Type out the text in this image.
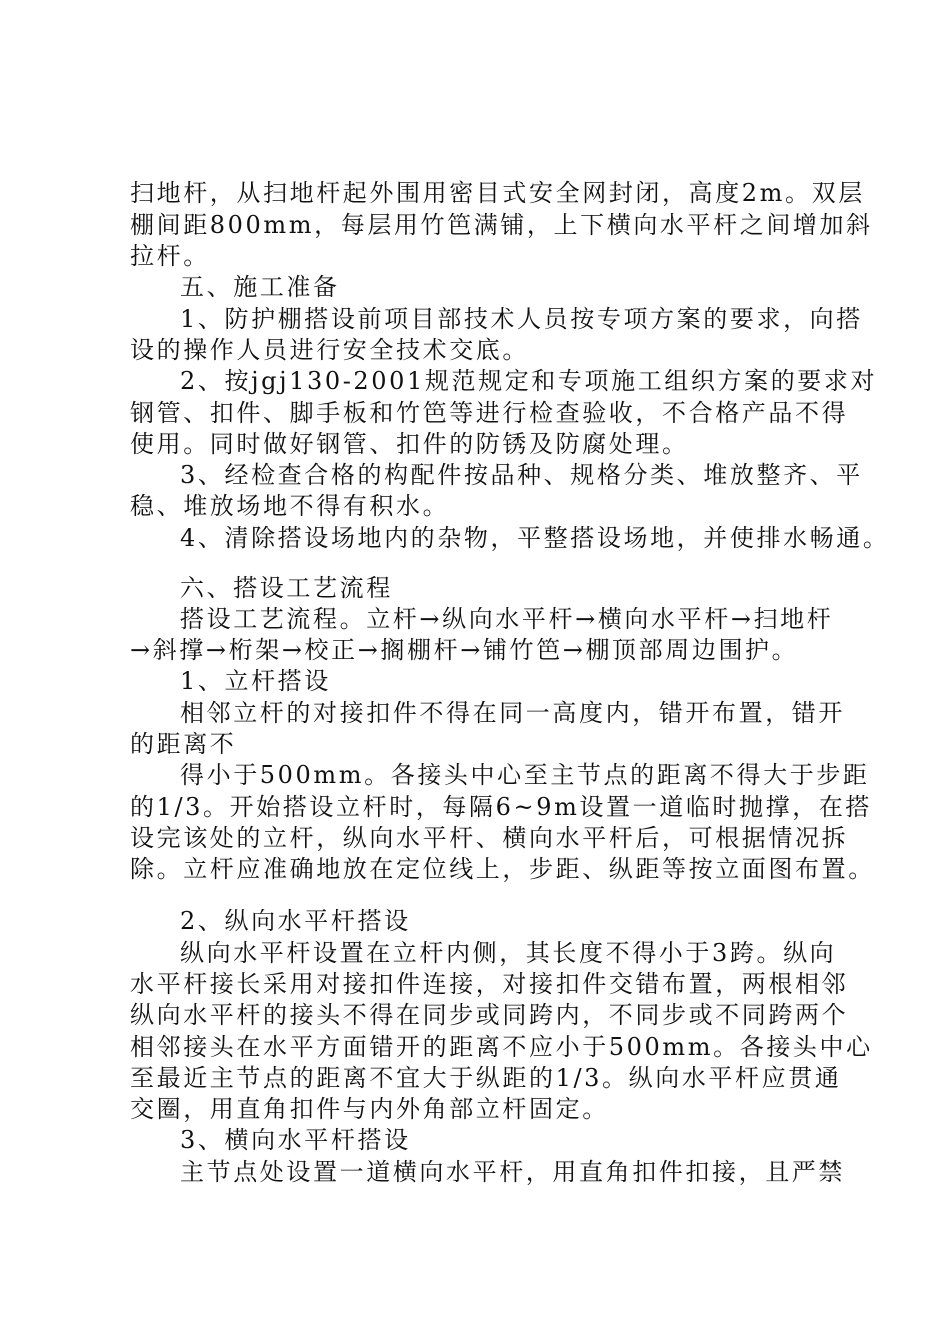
扫地杆，从扫地杆起外围用密目式安全网封闭，高度2m。双层
棚间距800mm，每层用竹笆满铺，上下横向水平杆之间增加斜
拉杆。
五、施工准备
1、防护棚搭设前项目部技术人员按专项方案的要求，向搭
设的操作人员进行安全技术交底。
2、按jgj130-2001规范规定和专项施工组织方案的要求对
钢管、扣件、脚手板和竹笆等进行检查验收，不合格产品不得
使用。同时做好钢管、扣件的防锈及防腐处理。
3、经检查合格的构配件按品种、规格分类、堆放整齐、平
稳、堆放场地不得有积水。
4、清除搭设场地内的杂物，平整搭设场地，并使排水畅通。
六、搭设工艺流程
搭设工艺流程。立杆→纵向水平杆→横向水平杆→扫地杆
→斜撑→桁架→校正→搁棚杆→铺竹笆→棚顶部周边围护。
1、立杆搭设
相邻立杆的对接扣件不得在同一高度内，错开布置，错开
的距离不
得小于500mm。各接头中心至主节点的距离不得大于步距
的1/3。开始搭设立杆时，每隔6~9m设置一道临时抛撑，在搭
设完该处的立杆，纵向水平杆、横向水平杆后，可根据情况拆
除。立杆应准确地放在定位线上，步距、纵距等按立面图布置。
2、纵向水平杆搭设
纵向水平杆设置在立杆内侧，其长度不得小于3跨。纵向
水平杆接长采用对接扣件连接，对接扣件交错布置，两根相邻
纵向水平杆的接头不得在同步或同跨内，不同步或不同跨两个
相邻接头在水平方面错开的距离不应小于500mm。各接头中心
至最近主节点的距离不宜大于纵距的1/3。纵向水平杆应贯通
交圈，用直角扣件与内外角部立杆固定。
3、横向水平杆搭设
主节点处设置一道横向水平杆，用直角扣件扣接，且严禁
